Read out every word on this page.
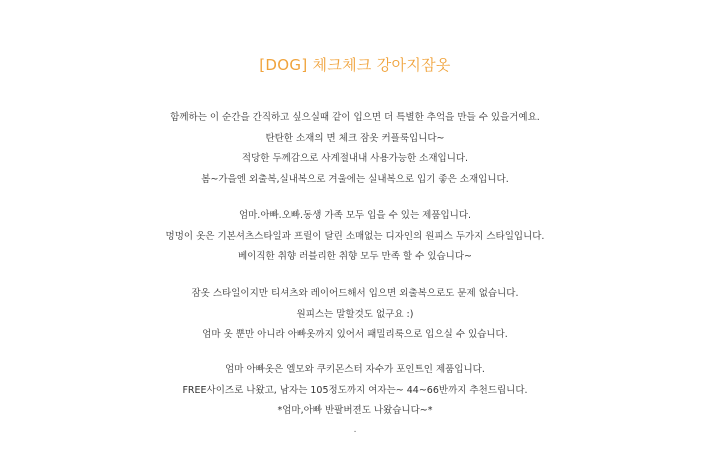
[DOG] 체크체크 강아지잠옷

함께하는 이 순간을 간직하고 싶으실때 같이 입으면 더 특별한 추억을 만들 수 있을거예요.
탄탄한 소재의 면 체크 잠옷 커플룩입니다~
적당한 두께감으로 사계절내내 사용가능한 소재입니다.
봄~가을엔 외출복,실내복으로 겨울에는 실내복으로 입기 좋은 소재입니다.

엄마.아빠.오빠.동생 가족 모두 입을 수 있는 제품입니다.
멍멍이 옷은 기본셔츠스타일과 프릴이 달린 소매없는 디자인의 원피스 두가지 스타일입니다.
베이직한 취향 러블리한 취향 모두 만족 할 수 있습니다~

잠옷 스타일이지만 티셔츠와 레이어드해서 입으면 외출복으로도 문제 없습니다.
원피스는 말할것도 없구요 :)
엄마 옷 뿐만 아니라 아빠옷까지 있어서 패밀리룩으로 입으실 수 있습니다.

엄마 아빠옷은 엘모와 쿠키몬스터 자수가 포인트인 제품입니다.
FREE사이즈로 나왔고, 남자는 105정도까지 여자는~ 44~66반까지 추천드립니다.
*엄마,아빠 반팔버젼도 나왔습니다~*

.
